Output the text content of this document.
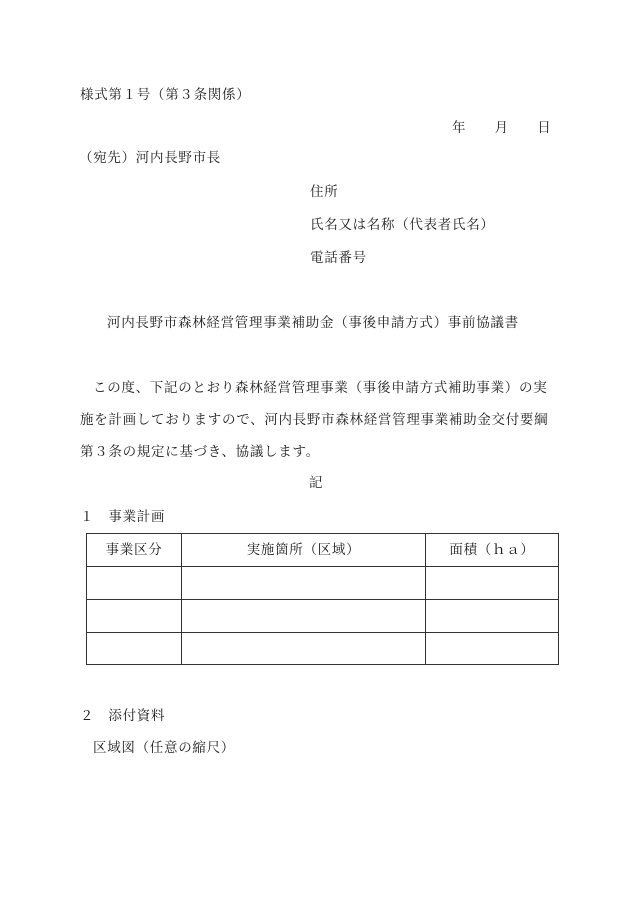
様式第１号（第３条関係）
年　　月　　日
（宛先）河内長野市長
住所
氏名又は名称（代表者氏名）
電話番号
河内長野市森林経営管理事業補助金（事後申請方式）事前協議書
この度、下記のとおり森林経営管理事業（事後申請方式補助事業）の実
施を計画しておりますので、河内長野市森林経営管理事業補助金交付要綱
第３条の規定に基づき、協議します。
記
１　事業計画
事業区分	実施箇所（区域）	面積（ｈａ）

２　添付資料
区域図（任意の縮尺）
